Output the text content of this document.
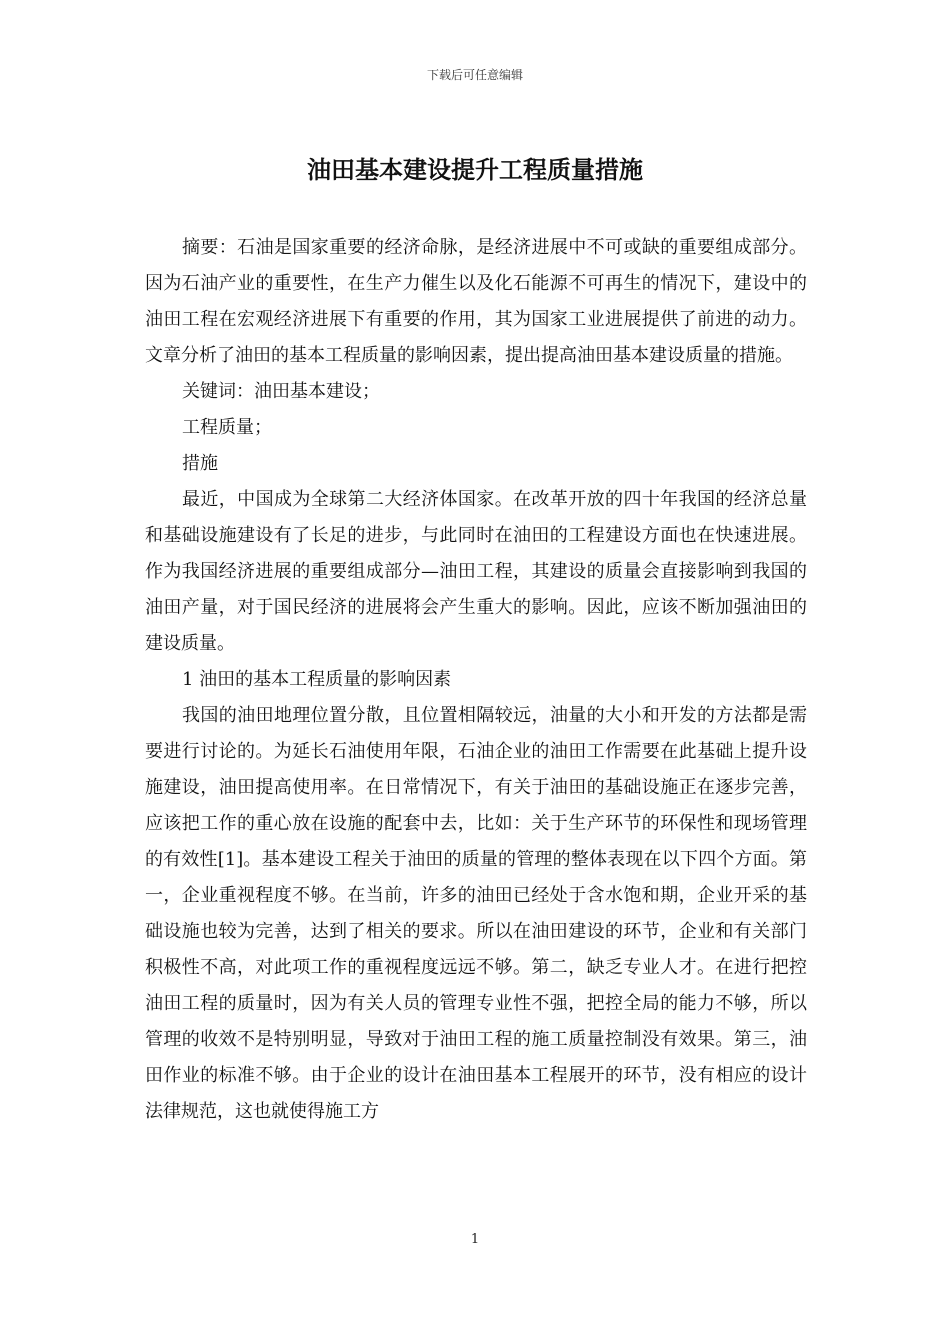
下载后可任意编辑
油田基本建设提升工程质量措施

摘要：石油是国家重要的经济命脉，是经济进展中不可或缺的重要组成部分。因为石油产业的重要性，在生产力催生以及化石能源不可再生的情况下，建设中的油田工程在宏观经济进展下有重要的作用，其为国家工业进展提供了前进的动力。文章分析了油田的基本工程质量的影响因素，提出提高油田基本建设质量的措施。

关键词：油田基本建设；

工程质量；

措施

最近，中国成为全球第二大经济体国家。在改革开放的四十年我国的经济总量和基础设施建设有了长足的进步，与此同时在油田的工程建设方面也在快速进展。作为我国经济进展的重要组成部分—油田工程，其建设的质量会直接影响到我国的油田产量，对于国民经济的进展将会产生重大的影响。因此，应该不断加强油田的建设质量。

1 油田的基本工程质量的影响因素

我国的油田地理位置分散，且位置相隔较远，油量的大小和开发的方法都是需要进行讨论的。为延长石油使用年限，石油企业的油田工作需要在此基础上提升设施建设，油田提高使用率。在日常情况下，有关于油田的基础设施正在逐步完善，应该把工作的重心放在设施的配套中去，比如：关于生产环节的环保性和现场管理的有效性[1]。基本建设工程关于油田的质量的管理的整体表现在以下四个方面。第一，企业重视程度不够。在当前，许多的油田已经处于含水饱和期，企业开采的基础设施也较为完善，达到了相关的要求。所以在油田建设的环节，企业和有关部门积极性不高，对此项工作的重视程度远远不够。第二，缺乏专业人才。在进行把控油田工程的质量时，因为有关人员的管理专业性不强，把控全局的能力不够，所以管理的收效不是特别明显，导致对于油田工程的施工质量控制没有效果。第三，油田作业的标准不够。由于企业的设计在油田基本工程展开的环节，没有相应的设计法律规范，这也就使得施工方

1
